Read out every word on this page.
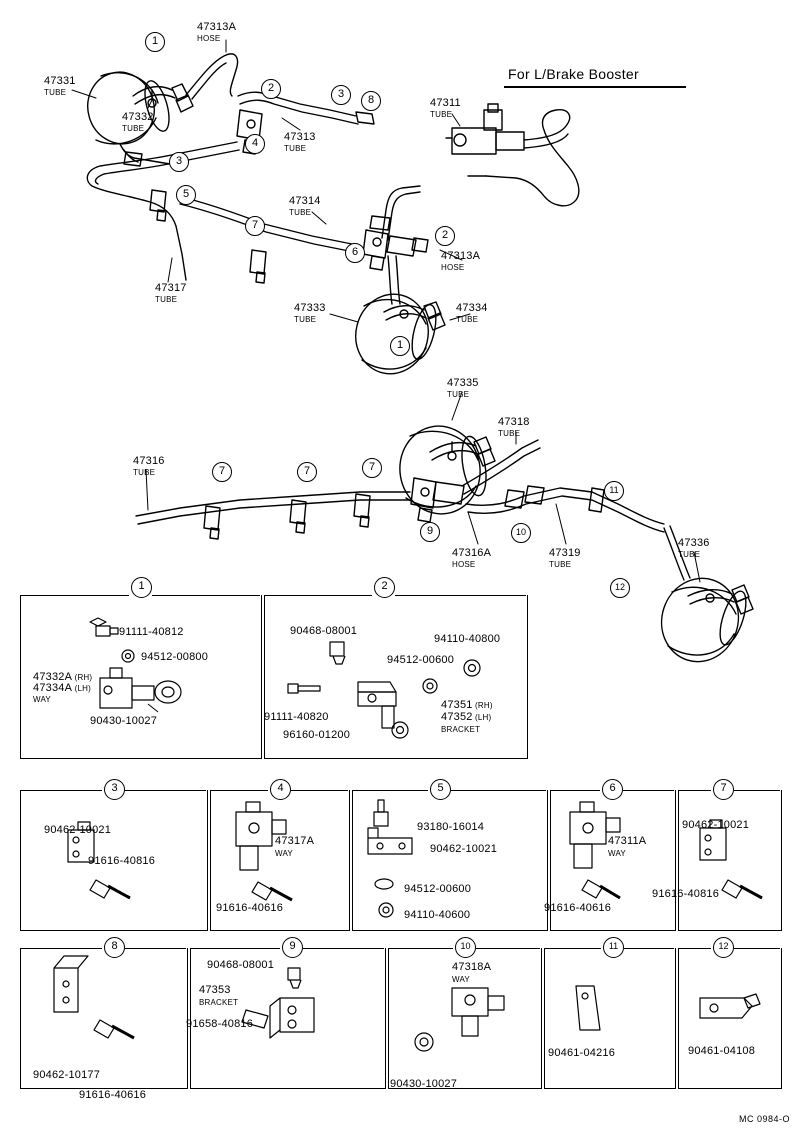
For L/Brake Booster
47331
TUBE
47313A
HOSE
47332
TUBE
47313
TUBE
47311
TUBE
47314
TUBE
47313A
HOSE
47317
TUBE
47333
TUBE
47334
TUBE
47335
TUBE
47318
TUBE
47316
TUBE
47316A
HOSE
47319
TUBE
47336
TUBE
1
2	3	8
3
4
5
7
6
2
1
7	7	7
9	10
11
12
1
91111-40812
94512-00800
47332A (RH)
47334A (LH)
WAY
90430-10027
2
90468-08001
94110-40800
94512-00600
91111-40820
96160-01200
47351 (RH)
47352 (LH)
BRACKET
3
90462-10021
91616-40816
4
47317A
WAY
91616-40616
5
93180-16014
90462-10021
94512-00600
94110-40600
6
47311A
WAY
91616-40616
7
90462-10021
91616-40816
8
90462-10177
91616-40616
9
90468-08001
47353
BRACKET
91658-40816
10
47318A
WAY
90430-10027
11
90461-04216
12
90461-04108
MC 0984-O
